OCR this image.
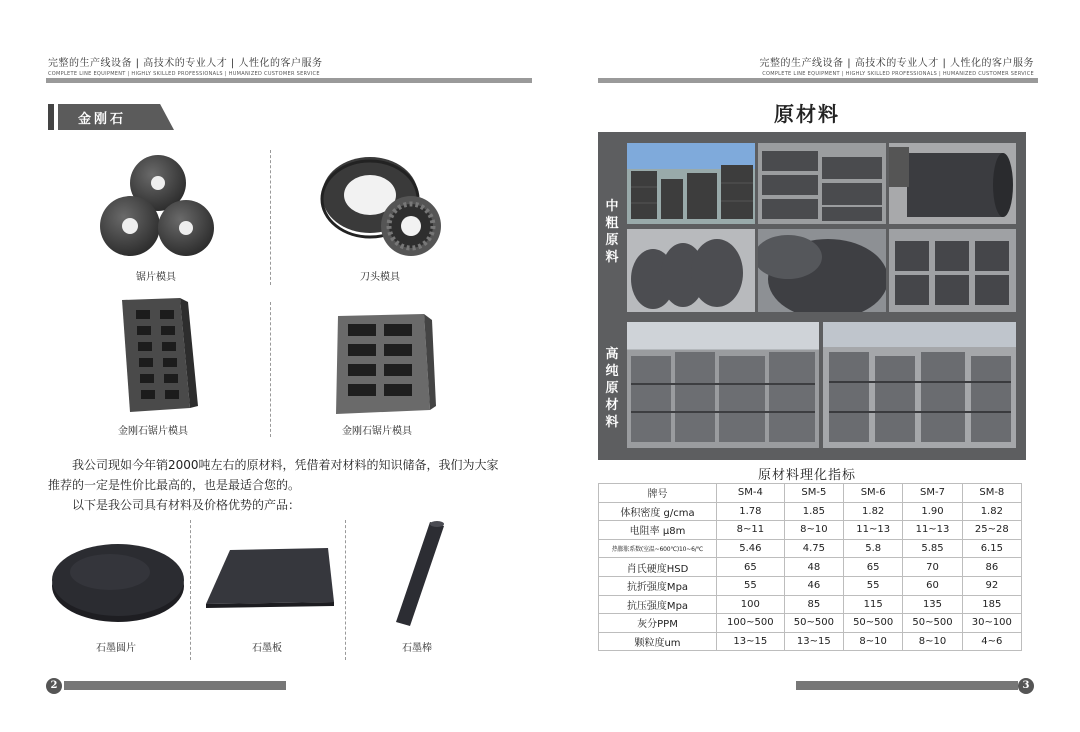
完整的生产线设备 | 高技术的专业人才 | 人性化的客户服务
COMPLETE LINE EQUIPMENT | HIGHLY SKILLED PROFESSIONALS | HUMANIZED CUSTOMER SERVICE
完整的生产线设备 | 高技术的专业人才 | 人性化的客户服务
COMPLETE LINE EQUIPMENT | HIGHLY SKILLED PROFESSIONALS | HUMANIZED CUSTOMER SERVICE
金刚石
锯片模具	刀头模具
金刚石锯片模具	金刚石锯片模具

我公司现如今年销2000吨左右的原材料，凭借着对材料的知识储备，我们为大家推荐的一定是性价比最高的，也是最适合您的。

以下是我公司具有材料及价格优势的产品：

石墨圆片	石墨板	石墨棒
2
原材料
中
粗
原
料
高
纯
原
材
料
原材料理化指标
牌号	SM-4	SM-5	SM-6	SM-7	SM-8
体积密度 g/cma	1.78	1.85	1.82	1.90	1.82
电阻率 μ8m	8~11	8~10	11~13	11~13	25~28
热膨胀系数(室温~600℃)10~6/℃	5.46	4.75	5.8	5.85	6.15
肖氏硬度HSD	65	48	65	70	86
抗折强度Mpa	55	46	55	60	92
抗压强度Mpa	100	85	115	135	185
灰分PPM	100~500	50~500	50~500	50~500	30~100
颗粒度um	13~15	13~15	8~10	8~10	4~6
3
